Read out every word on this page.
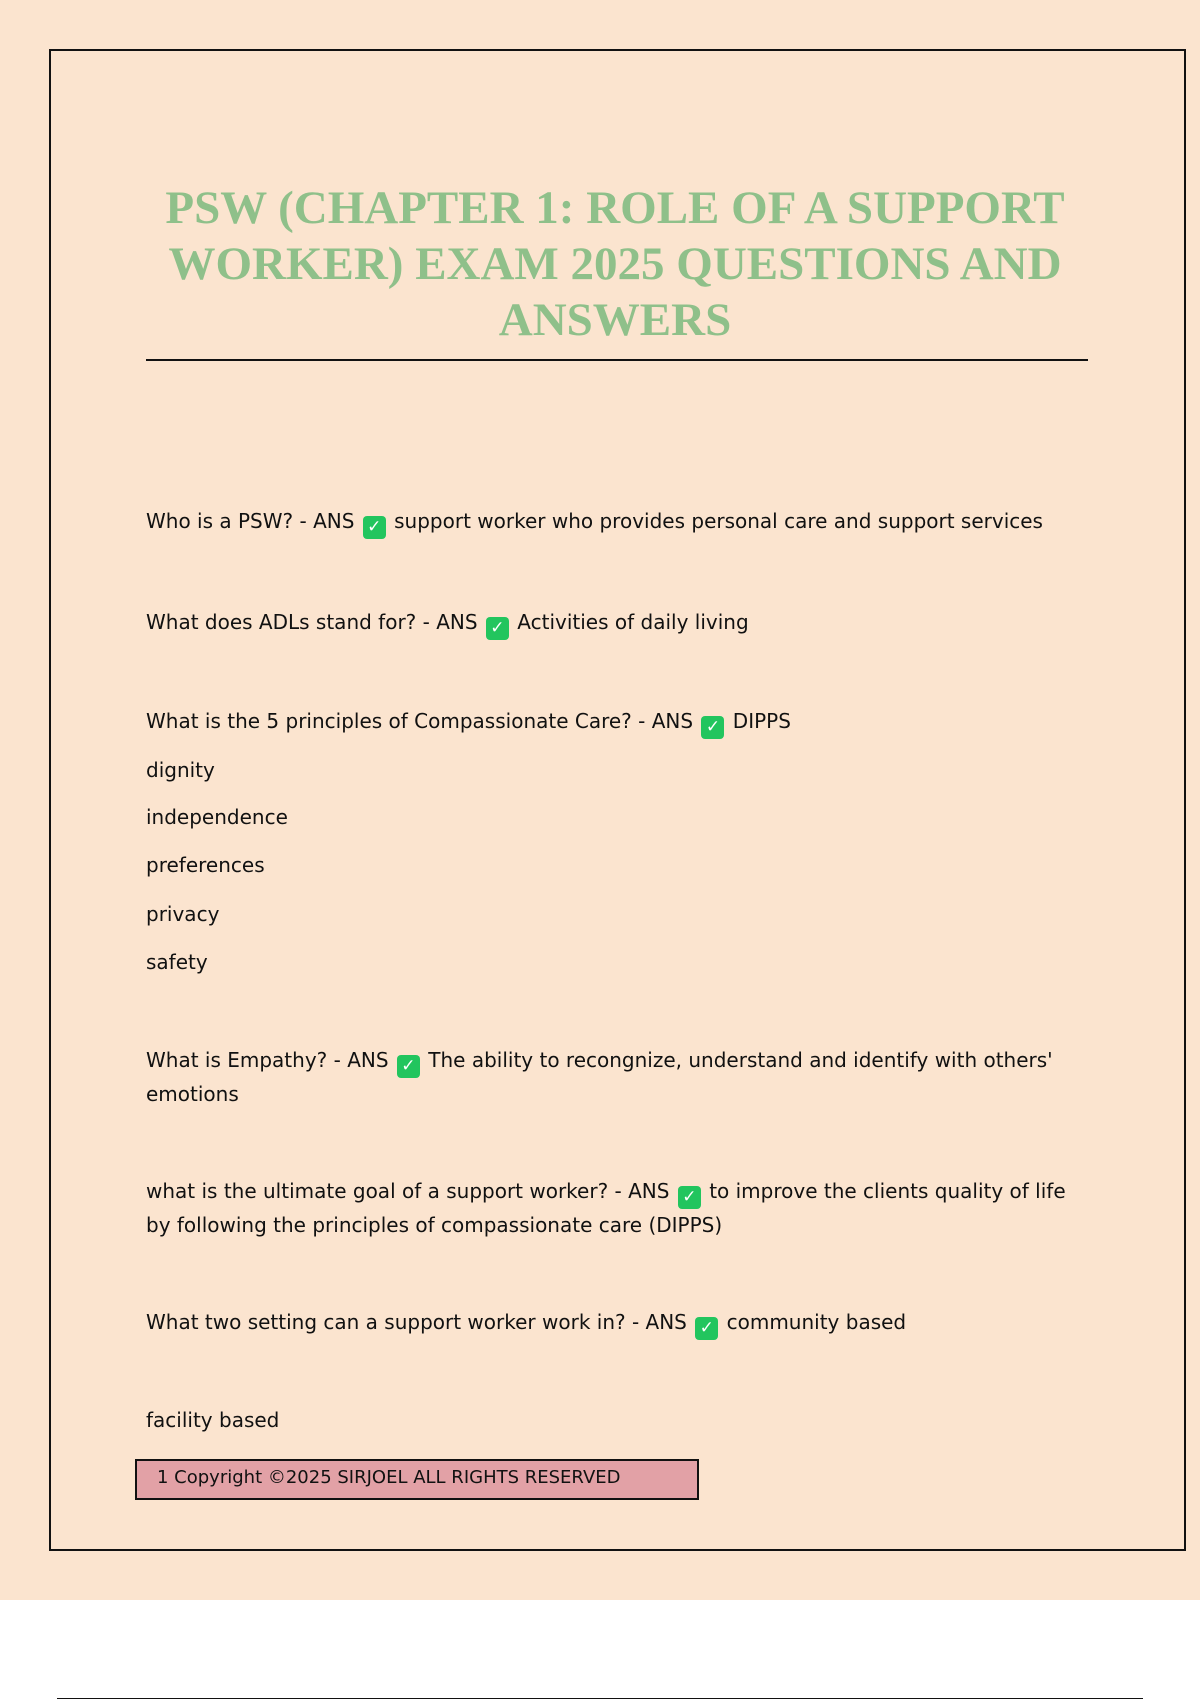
PSW (CHAPTER 1: ROLE OF A SUPPORT WORKER) EXAM 2025 QUESTIONS AND ANSWERS

Who is a PSW? - ANS ✓ support worker who provides personal care and support services

What does ADLs stand for? - ANS ✓ Activities of daily living

What is the 5 principles of Compassionate Care? - ANS ✓ DIPPS

dignity

independence

preferences

privacy

safety

What is Empathy? - ANS ✓ The ability to recongnize, understand and identify with others' emotions

what is the ultimate goal of a support worker? - ANS ✓ to improve the clients quality of life by following the principles of compassionate care (DIPPS)

What two setting can a support worker work in? - ANS ✓ community based

facility based

1 Copyright ©2025 SIRJOEL ALL RIGHTS RESERVED
